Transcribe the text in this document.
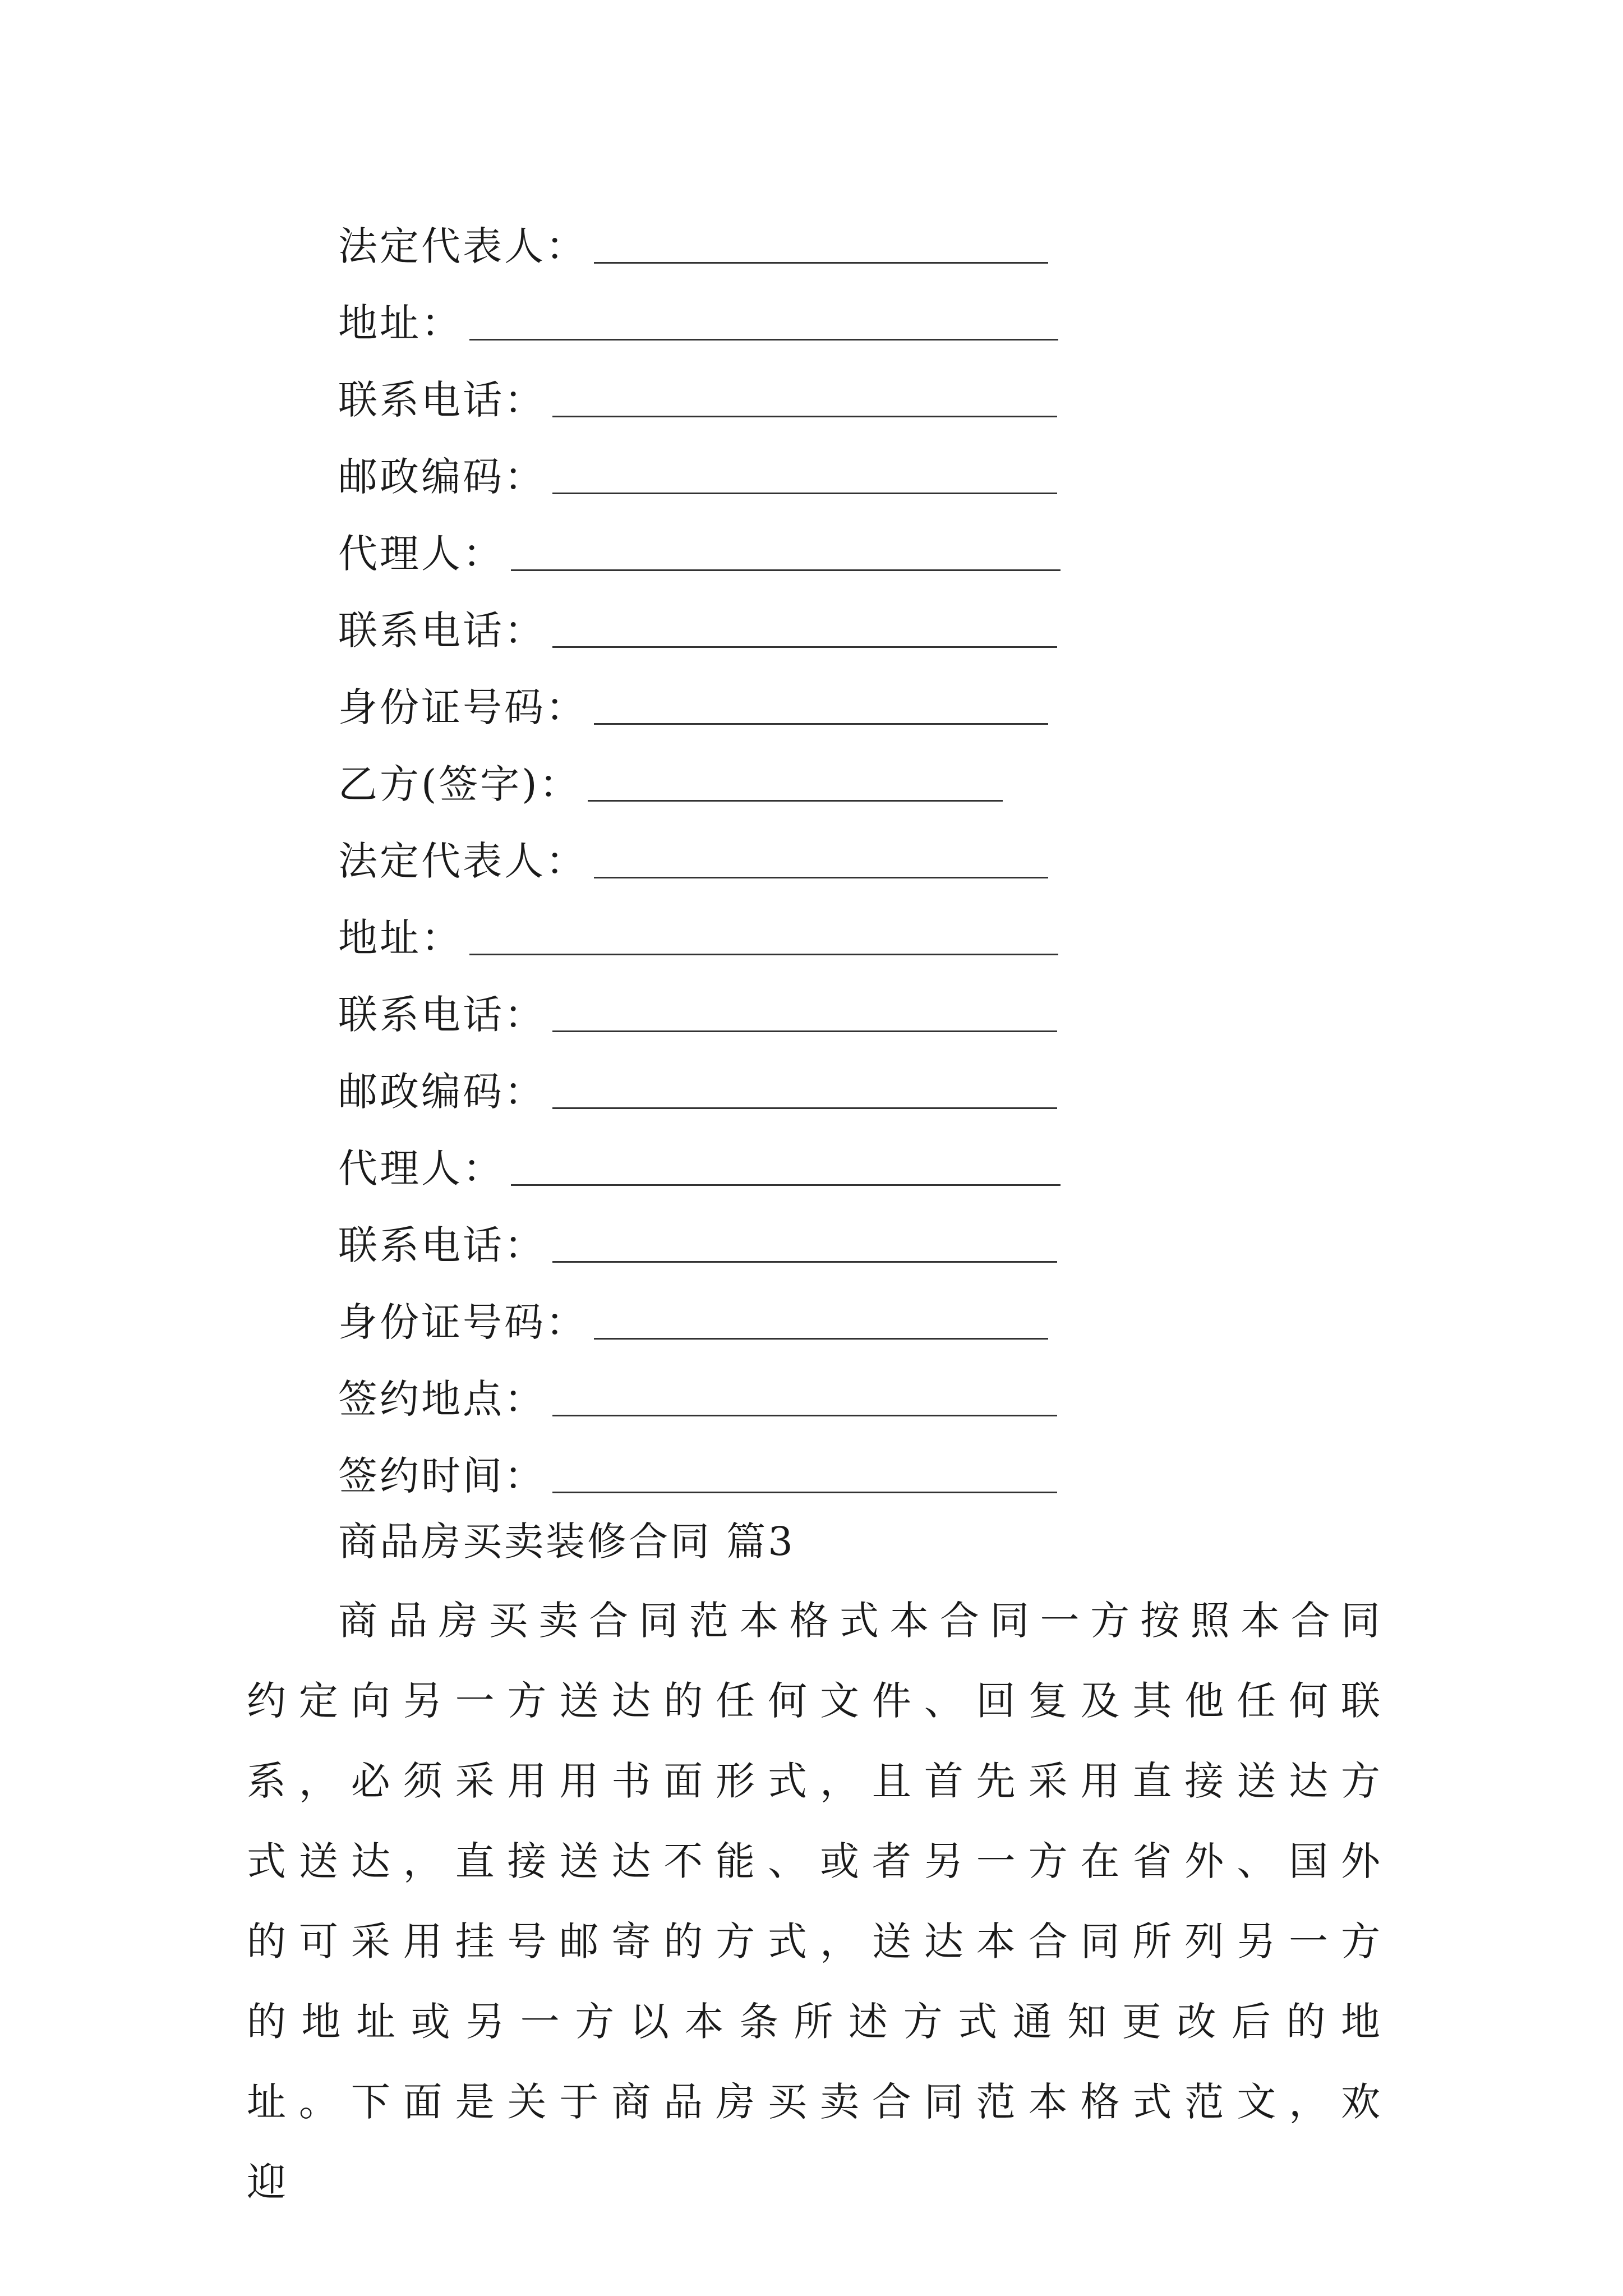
法定代表人：
地址：
联系电话：
邮政编码：
代理人：
联系电话：
身份证号码：
乙方(签字)：
法定代表人：
地址：
联系电话：
邮政编码：
代理人：
联系电话：
身份证号码：
签约地点：
签约时间：
商品房买卖装修合同 篇3

商品房买卖合同范本格式本合同一方按照本合同约定向另一方送达的任何文件、回复及其他任何联系，必须采用用书面形式，且首先采用直接送达方式送达，直接送达不能、或者另一方在省外、国外的可采用挂号邮寄的方式，送达本合同所列另一方的地址或另一方以本条所述方式通知更改后的地址。下面是关于商品房买卖合同范本格式范文，欢迎
